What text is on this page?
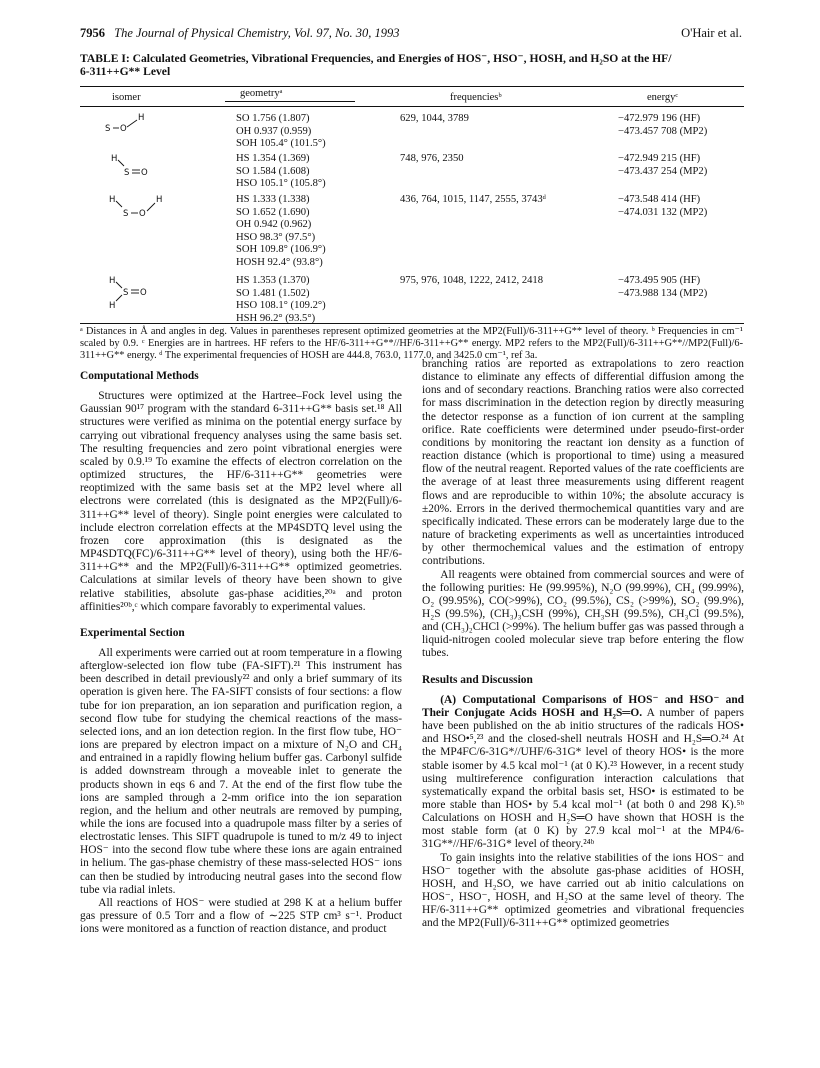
7956 The Journal of Physical Chemistry, Vol. 97, No. 30, 1993	O'Hair et al.
TABLE I: Calculated Geometries, Vibrational Frequencies, and Energies of HOS⁻, HSO⁻, HOSH, and H₂SO at the HF/
6-311++G** Level
isomer	geometryᵃ	frequenciesᵇ	energyᶜ
S O
H	SO 1.756 (1.807)
OH 0.937 (0.959)
SOH 105.4° (101.5°)
629, 1044, 3789	−472.979 196 (HF)
−473.457 708 (MP2)
H
S O
HS 1.354 (1.369)
SO 1.584 (1.608)
HSO 105.1° (105.8°)
748, 976, 2350	−472.949 215 (HF)
−473.437 254 (MP2)
H
S O
H	HS 1.333 (1.338)
SO 1.652 (1.690)
OH 0.942 (0.962)
HSO 98.3° (97.5°)
SOH 109.8° (106.9°)
HOSH 92.4° (93.8°)
436, 764, 1015, 1147, 2555, 3743ᵈ	−473.548 414 (HF)
−474.031 132 (MP2)
H
S O
H
HS 1.353 (1.370)
SO 1.481 (1.502)
HSO 108.1° (109.2°)
HSH 96.2° (93.5°)
975, 976, 1048, 1222, 2412, 2418	−473.495 905 (HF)
−473.988 134 (MP2)
ᵃ Distances in Å and angles in deg. Values in parentheses represent optimized geometries at the MP2(Full)/6-311++G** level of theory. ᵇ Frequencies in cm⁻¹ scaled by 0.9. ᶜ Energies are in hartrees. HF refers to the HF/6-311++G**//HF/6-311++G** energy. MP2 refers to the MP2(Full)/6-311++G**//MP2(Full)/6-311++G** energy. ᵈ The experimental frequencies of HOSH are 444.8, 763.0, 1177.0, and 3425.0 cm⁻¹, ref 3a.

Computational Methods

Structures were optimized at the Hartree–Fock level using the Gaussian 90¹⁷ program with the standard 6-311++G** basis set.¹⁸ All structures were verified as minima on the potential energy surface by carrying out vibrational frequency analyses using the same basis set. The resulting frequencies and zero point vibrational energies were scaled by 0.9.¹⁹ To examine the effects of electron correlation on the optimized structures, the HF/6-311++G** geometries were reoptimized with the same basis set at the MP2 level where all electrons were correlated (this is designated as the MP2(Full)/6-311++G** level of theory). Single point energies were calculated to include electron correlation effects at the MP4SDTQ level using the frozen core approximation (this is designated as the MP4SDTQ(FC)/6-311++G** level of theory), using both the HF/6-311++G** and the MP2(Full)/6-311++G** optimized geometries. Calculations at similar levels of theory have been shown to give relative stabilities, absolute gas-phase acidities,²⁰ᵃ and proton affinities²⁰ᵇ,ᶜ which compare favorably to experimental values.

Experimental Section

All experiments were carried out at room temperature in a flowing afterglow-selected ion flow tube (FA-SIFT).²¹ This instrument has been described in detail previously²² and only a brief summary of its operation is given here. The FA-SIFT consists of four sections: a flow tube for ion preparation, an ion separation and purification region, a second flow tube for studying the chemical reactions of the mass-selected ions, and an ion detection region. In the first flow tube, HO⁻ ions are prepared by electron impact on a mixture of N₂O and CH₄ and entrained in a rapidly flowing helium buffer gas. Carbonyl sulfide is added downstream through a moveable inlet to generate the products shown in eqs 6 and 7. At the end of the first flow tube the ions are sampled through a 2-mm orifice into the ion separation region, and the helium and other neutrals are removed by pumping, while the ions are focused into a quadrupole mass filter by a series of electrostatic lenses. This SIFT quadrupole is tuned to m/z 49 to inject HOS⁻ into the second flow tube where these ions are again entrained in helium. The gas-phase chemistry of these mass-selected HOS⁻ ions can then be studied by introducing neutral gases into the second flow tube via radial inlets.

All reactions of HOS⁻ were studied at 298 K at a helium buffer gas pressure of 0.5 Torr and a flow of ∼225 STP cm³ s⁻¹. Product ions were monitored as a function of reaction distance, and product

branching ratios are reported as extrapolations to zero reaction distance to eliminate any effects of differential diffusion among the ions and of secondary reactions. Branching ratios were also corrected for mass discrimination in the detection region by directly measuring the detector response as a function of ion current at the sampling orifice. Rate coefficients were determined under pseudo-first-order conditions by monitoring the reactant ion density as a function of reaction distance (which is proportional to time) using a measured flow of the neutral reagent. Reported values of the rate coefficients are the average of at least three measurements using different reagent flows and are reproducible to within 10%; the absolute accuracy is ±20%. Errors in the derived thermochemical quantities vary and are specifically indicated. These errors can be moderately large due to the nature of bracketing experiments as well as uncertainties introduced by other thermochemical values and the estimation of entropy contributions.

All reagents were obtained from commercial sources and were of the following purities: He (99.995%), N₂O (99.99%), CH₄ (99.99%), O₂ (99.95%), CO(>99%), CO₂ (99.5%), CS₂ (>99%), SO₂ (99.9%), H₂S (99.5%), (CH₃)₃CSH (99%), CH₃SH (99.5%), CH₃Cl (99.5%), and (CH₃)₂CHCl (>99%). The helium buffer gas was passed through a liquid-nitrogen cooled molecular sieve trap before entering the flow tubes.

Results and Discussion

(A) Computational Comparisons of HOS⁻ and HSO⁻ and Their Conjugate Acids HOSH and H₂S═O. A number of papers have been published on the ab initio structures of the radicals HOS• and HSO•⁵,²³ and the closed-shell neutrals HOSH and H₂S═O.²⁴ At the MP4FC/6-31G*//UHF/6-31G* level of theory HOS• is the more stable isomer by 4.5 kcal mol⁻¹ (at 0 K).²³ However, in a recent study using multireference configuration interaction calculations that systematically expand the orbital basis set, HSO• is estimated to be more stable than HOS• by 5.4 kcal mol⁻¹ (at both 0 and 298 K).⁵ᵇ Calculations on HOSH and H₂S═O have shown that HOSH is the most stable form (at 0 K) by 27.9 kcal mol⁻¹ at the MP4/6-31G**//HF/6-31G* level of theory.²⁴ᵇ

To gain insights into the relative stabilities of the ions HOS⁻ and HSO⁻ together with the absolute gas-phase acidities of HOSH, HOSH, and H₂SO, we have carried out ab initio calculations on HOS⁻, HSO⁻, HOSH, and H₂SO at the same level of theory. The HF/6-311++G** optimized geometries and vibrational frequencies and the MP2(Full)/6-311++G** optimized geometries
